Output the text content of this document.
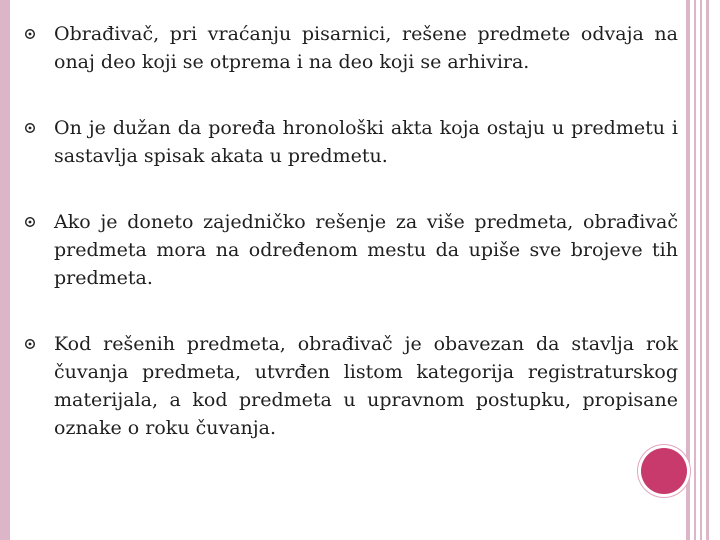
Obrađivač, pri vraćanju pisarnici, rešene predmete odvaja na onaj deo koji se otprema i na deo koji se arhivira.
On je dužan da poređa hronološki akta koja ostaju u predmetu i sastavlja spisak akata u predmetu.
Ako je doneto zajedničko rešenje za više predmeta, obrađivač predmeta mora na određenom mestu da upiše sve brojeve tih predmeta.
Kod rešenih predmeta, obrađivač je obavezan da stavlja rok čuvanja predmeta, utvrđen listom kategorija registraturskog materijala, a kod predmeta u upravnom postupku, propisane oznake o roku čuvanja.
